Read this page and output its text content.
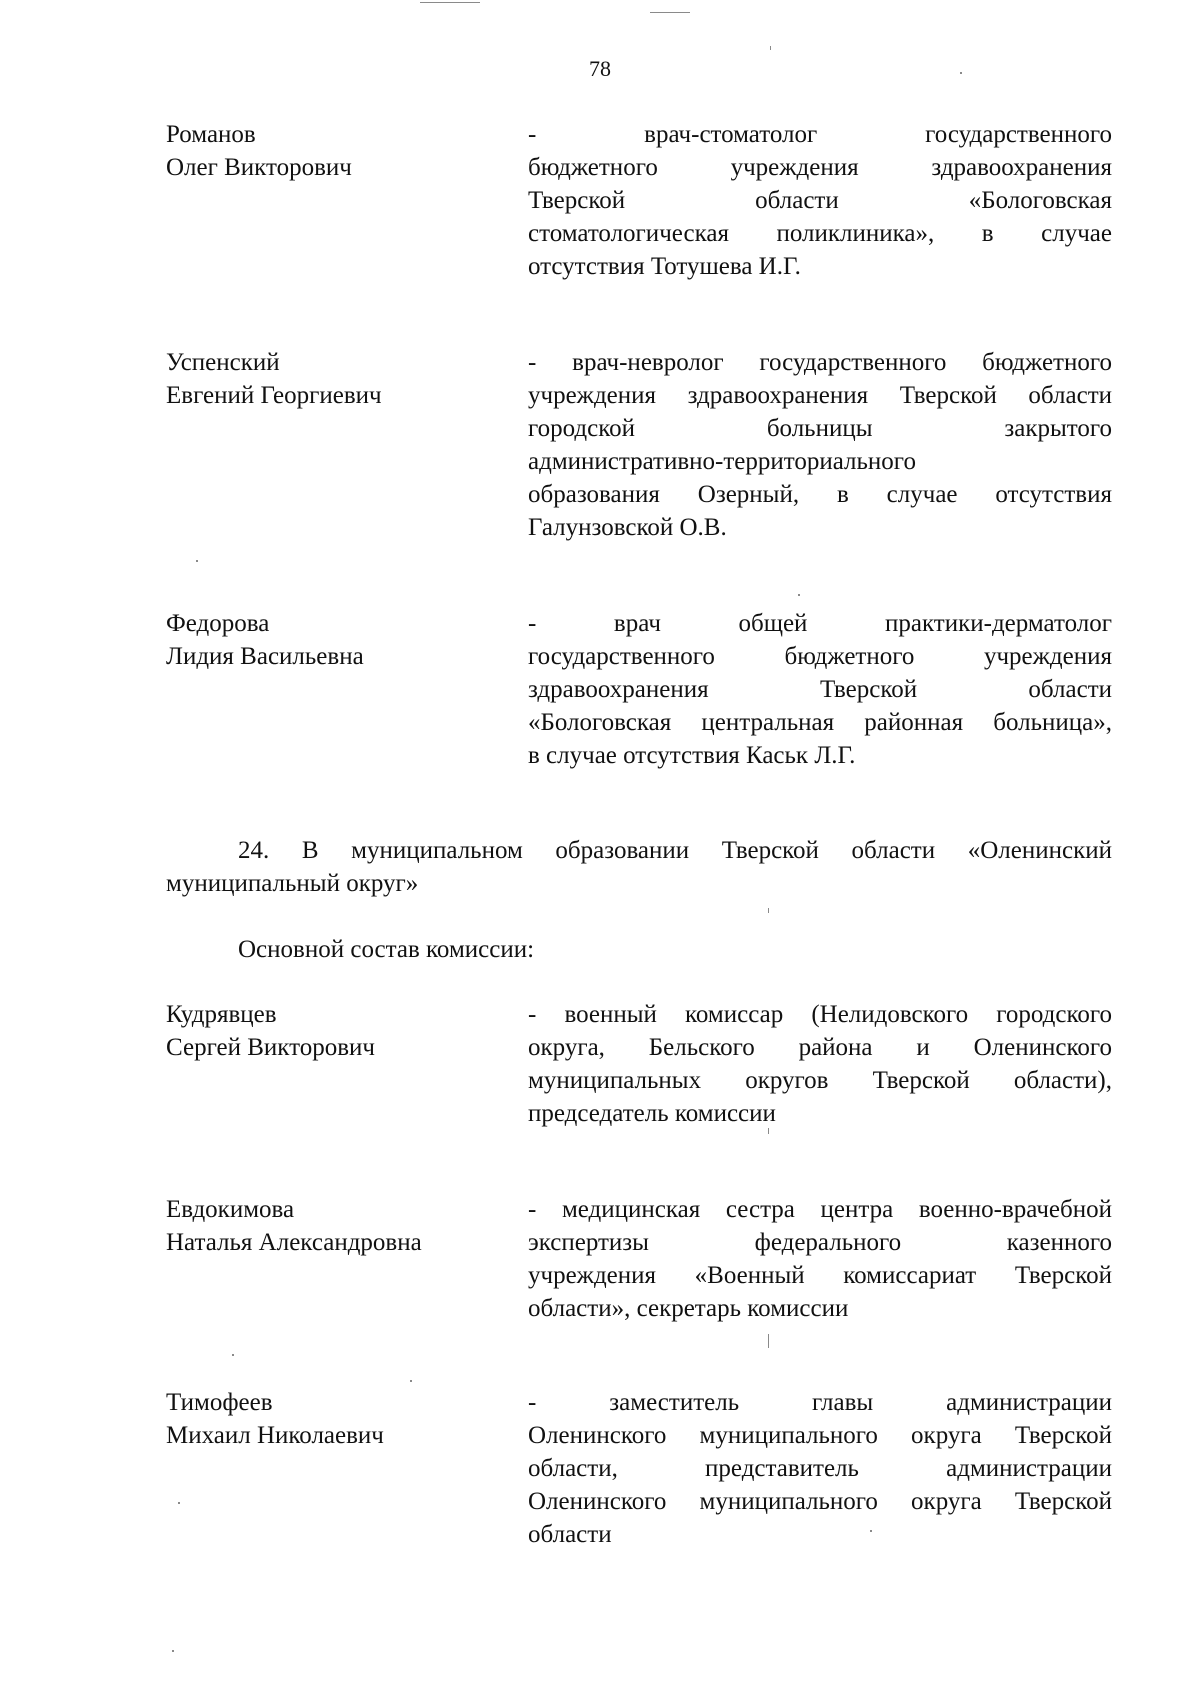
78
Романов
Олег Викторович
- врач-стоматолог государственного
бюджетного учреждения здравоохранения
Тверской области «Бологовская
стоматологическая поликлиника», в случае
отсутствия Тотушева И.Г.
Успенский
Евгений Георгиевич
- врач-невролог государственного бюджетного
учреждения здравоохранения Тверской области
городской больницы закрытого
административно-территориального
образования Озерный, в случае отсутствия
Галунзовской О.В.
Федорова
Лидия Васильевна
- врач общей практики-дерматолог
государственного бюджетного учреждения
здравоохранения Тверской области
«Бологовская центральная районная больница»,
в случае отсутствия Каськ Л.Г.
24. В муниципальном образовании Тверской области «Оленинский
муниципальный округ»
Основной состав комиссии:
Кудрявцев
Сергей Викторович
- военный комиссар (Нелидовского городского
округа, Бельского района и Оленинского
муниципальных округов Тверской области),
председатель комиссии
Евдокимова
Наталья Александровна
- медицинская сестра центра военно-врачебной
экспертизы федерального казенного
учреждения «Военный комиссариат Тверской
области», секретарь комиссии
Тимофеев
Михаил Николаевич
- заместитель главы администрации
Оленинского муниципального округа Тверской
области, представитель администрации
Оленинского муниципального округа Тверской
области
